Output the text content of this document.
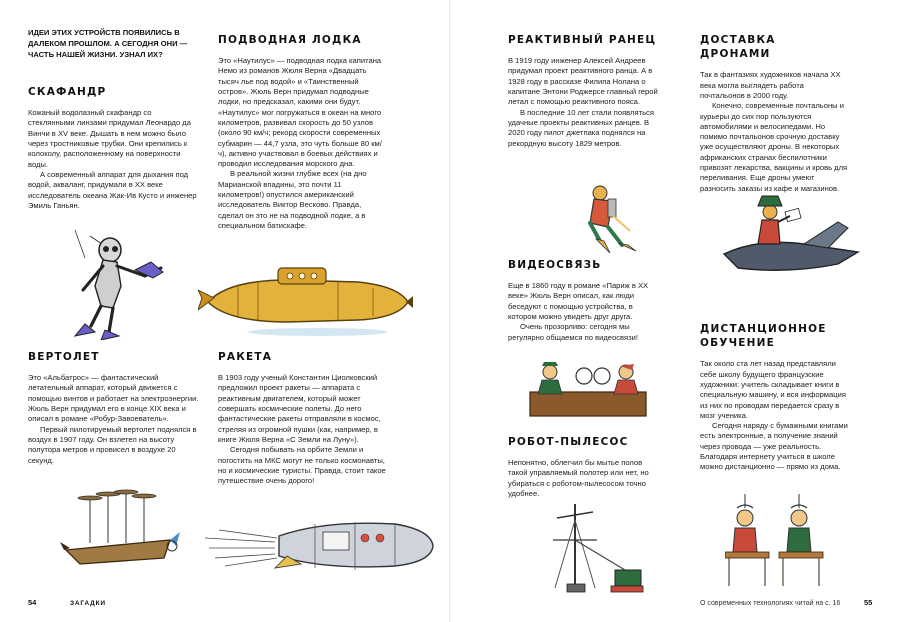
ИДЕИ ЭТИХ УСТРОЙСТВ ПОЯВИЛИСЬ В ДАЛЕКОМ ПРОШЛОМ. А СЕГОДНЯ ОНИ — ЧАСТЬ НАШЕЙ ЖИЗНИ. УЗНАЛ ИХ?

СКАФАНДР

Кожаный водолазный скафандр со стеклянными линзами придумал Леонардо да Винчи в XV веке. Дышать в нем можно было через тростниковые трубки. Они крепились к колоколу, расположенному на поверхности воды.

А современный аппарат для дыхания под водой, акваланг, придумали в XX веке исследователь океана Жак-Ив Кусто и инженер Эмиль Ганьян.

ПОДВОДНАЯ ЛОДКА

Это «Наутилус» — подводная лодка капитана Немо из романов Жюля Верна «Двадцать тысяч лье под водой» и «Таинственный остров». Жюль Верн придумал подводные лодки, но предсказал, какими они будут. «Наутилус» мог погружаться в океан на много километров, развивал скорость до 50 узлов (около 90 км/ч; рекорд скорости современных субмарин — 44,7 узла, это чуть больше 80 км/ч), активно участвовал в боевых действиях и проводил исследования морского дна.

В реальной жизни глубже всех (на дно Марианской впадины, это почти 11 километров!) опустился американский исследователь Виктор Весково. Правда, сделал он это не на подводной лодке, а в специальном батискафе.

ВЕРТОЛЕТ

Это «Альбатрос» — фантастический летательный аппарат, который движется с помощью винтов и работает на электроэнергии. Жюль Верн придумал его в конце XIX века и описал в романе «Робур-Завоеватель».

Первый пилотируемый вертолет поднялся в воздух в 1907 году. Он взлетел на высоту полутора метров и провисел в воздухе 20 секунд.

РАКЕТА

В 1903 году ученый Константин Циолковский предложил проект ракеты — аппарата с реактивным двигателем, который может совершать космические полеты. До него фантастические ракеты отправляли в космос, стреляя из огромной пушки (как, например, в книге Жюля Верна «С Земли на Луну»).

Сегодня побывать на орбите Земли и погостить на МКС могут не только космонавты, но и космические туристы. Правда, стоит такое путешествие очень дорого!

54	ЗАГАДКИ
РЕАКТИВНЫЙ РАНЕЦ

В 1919 году инженер Алексей Андреев придумал проект реактивного ранца. А в 1928 году в рассказе Филипа Нолана о капитане Энтони Роджерсе главный герой летал с помощью реактивного пояса.

В последние 10 лет стали появляться удачные проекты реактивных ранцев. В 2020 году пилот джетпака поднялся на рекордную высоту 1829 метров.

ДОСТАВКА ДРОНАМИ

Так в фантазиях художников начала XX века могла выглядеть работа почтальонов в 2000 году.

Конечно, современные почтальоны и курьеры до сих пор пользуются автомобилями и велосипедами. Но помимо почтальонов срочную доставку уже осуществляют дроны. В некоторых африканских странах беспилотники привозят лекарства, вакцины и кровь для переливания. Еще дроны умеют разносить заказы из кафе и магазинов.

ВИДЕОСВЯЗЬ

Еще в 1860 году в романе «Париж в XX веке» Жюль Верн описал, как люди беседуют с помощью устройства, в котором можно увидеть друг друга.

Очень прозорливо: сегодня мы регулярно общаемся по видеосвязи!

РОБОТ-ПЫЛЕСОС

Непонятно, облегчил бы мытье полов такой управляемый полотер или нет, но убираться с роботом-пылесосом точно удобнее.

ДИСТАНЦИОННОЕ ОБУЧЕНИЕ

Так около ста лет назад представляли себе школу будущего французские художники: учитель складывает книги в специальную машину, и вся информация из них по проводам передается сразу в мозг ученика.

Сегодня наряду с бумажными книгами есть электронные, а получение знаний через провода — уже реальность. Благодаря интернету учиться в школе можно дистанционно — прямо из дома.

О современных технологиях читай на с. 16	55
